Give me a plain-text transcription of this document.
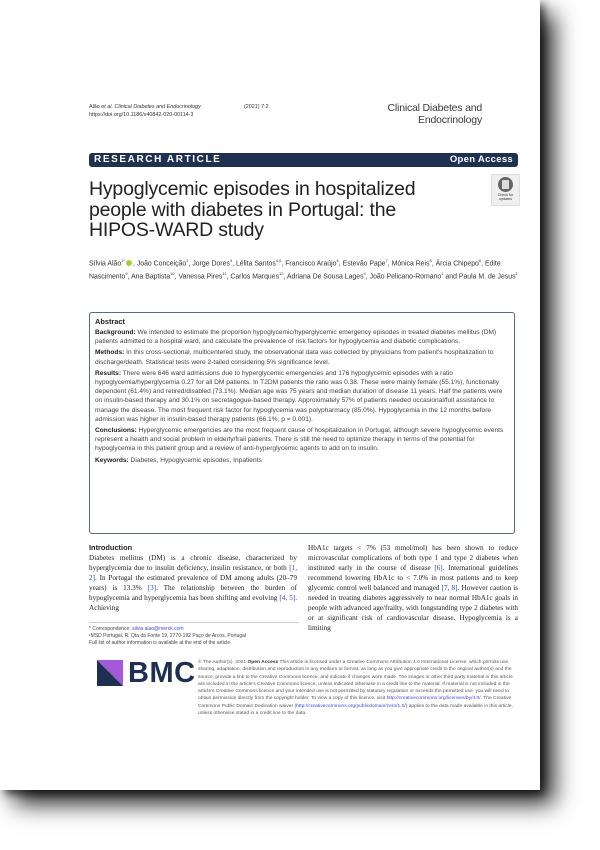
Alão et al. Clinical Diabetes and Endocrinology
https://doi.org/10.1186/s40842-020-00114-3
(2021) 7:2	Clinical Diabetes and
Endocrinology
RESEARCH ARTICLE	Open Access
Hypoglycemic episodes in hospitalized people with diabetes in Portugal: the HIPOS-WARD study
Check for
updates
Sílvia Alão$^{1*}$ , João Conceição$^2$, Jorge Dores$^3$, Lélita Santos$^{4,5}$, Francisco Araújo$^6$, Estevão Pape$^7$, Mónica Reis$^8$, Árcia Chipepo$^6$, Edite Nascimento$^9$, Ana Baptista$^{10}$, Vanessa Pires$^{11}$, Carlos Marques$^{12}$, Adriana De Sousa Lages$^4$, João Pelicano-Romano$^1$ and Paula M. de Jesus$^1$
Abstract

Background: We intended to estimate the proportion hypoglycemic/hyperglycemic emergency episodes in treated diabetes mellitus (DM) patients admitted to a hospital ward, and calculate the prevalence of risk factors for hypoglycemia and diabetic complications.

Methods: In this cross-sectional, multicentered study, the observational data was collected by physicians from patient's hospitalization to discharge/death. Statistical tests were 2-tailed considering 5% significance level.

Results: There were 646 ward admissions due to hyperglycemic emergencies and 176 hypoglycemic episodes with a ratio hypoglycemia/hyperglycemia 0.27 for all DM patients. In T2DM patients the ratio was 0.38. These were mainly female (55.1%), functionally dependent (61.4%) and retired/disabled (73.1%). Median age was 75 years and median duration of disease 11 years. Half the patients were on insulin-based therapy and 30.1% on secretagogue-based therapy. Approximately 57% of patients needed occasional/full assistance to manage the disease. The most frequent risk factor for hypoglycemia was polypharmacy (85.0%). Hypoglycemia in the 12 months before admission was higher in insulin-based therapy patients (66.1%; p = 0.001).

Conclusions: Hyperglycemic emergencies are the most frequent cause of hospitalization in Portugal, although severe hypoglycemic events represent a health and social problem in elderly/frail patients. There is still the need to optimize therapy in terms of the potential for hypoglycemia in this patient group and a review of anti-hyperglycemic agents to add on to insulin.

Keywords: Diabetes, Hypoglycemic episodes, Inpatients

Introduction
Diabetes mellitus (DM) is a chronic disease, characterized by hyperglycemia due to insulin deficiency, insulin resistance, or both [1, 2]. In Portugal the estimated prevalence of DM among adults (20–79 years) is 13.3% [3]. The relationship between the burden of hypoglycemia and hyperglycemia has been shifting and evolving [4, 5]. Achieving
HbA1c targets < 7% (53 mmol/mol) has been shown to reduce microvascular complications of both type 1 and type 2 diabetes when instituted early in the course of disease [6]. International guidelines recommend lowering HbA1c to < 7.0% in most patients and to keep glycemic control well balanced and managed [7, 8]. However caution is needed in treating diabetes aggressively to near normal HbA1c goals in people with advanced age/frailty, with longstanding type 2 diabetes with or at significant risk of cardiovascular disease. Hypoglycemia is a limiting
* Correspondence: silvia.alao@merck.com
¹MSD Portugal, R. Qta da Fonte 19, 2770-192 Paço de Arcos, Portugal
Full list of author information is available at the end of the article
BMC © The Author(s). 2021 Open Access This article is licensed under a Creative Commons Attribution 4.0 International License, which permits use, sharing, adaptation, distribution and reproduction in any medium or format, as long as you give appropriate credit to the original author(s) and the source, provide a link to the Creative Commons licence, and indicate if changes were made. The images or other third party material in this article are included in the article's Creative Commons licence, unless indicated otherwise in a credit line to the material. If material is not included in the article's Creative Commons licence and your intended use is not permitted by statutory regulation or exceeds the permitted use, you will need to obtain permission directly from the copyright holder. To view a copy of this licence, visit http://creativecommons.org/licenses/by/4.0/. The Creative Commons Public Domain Dedication waiver (http://creativecommons.org/publicdomain/zero/1.0/) applies to the data made available in this article, unless otherwise stated in a credit line to the data.
